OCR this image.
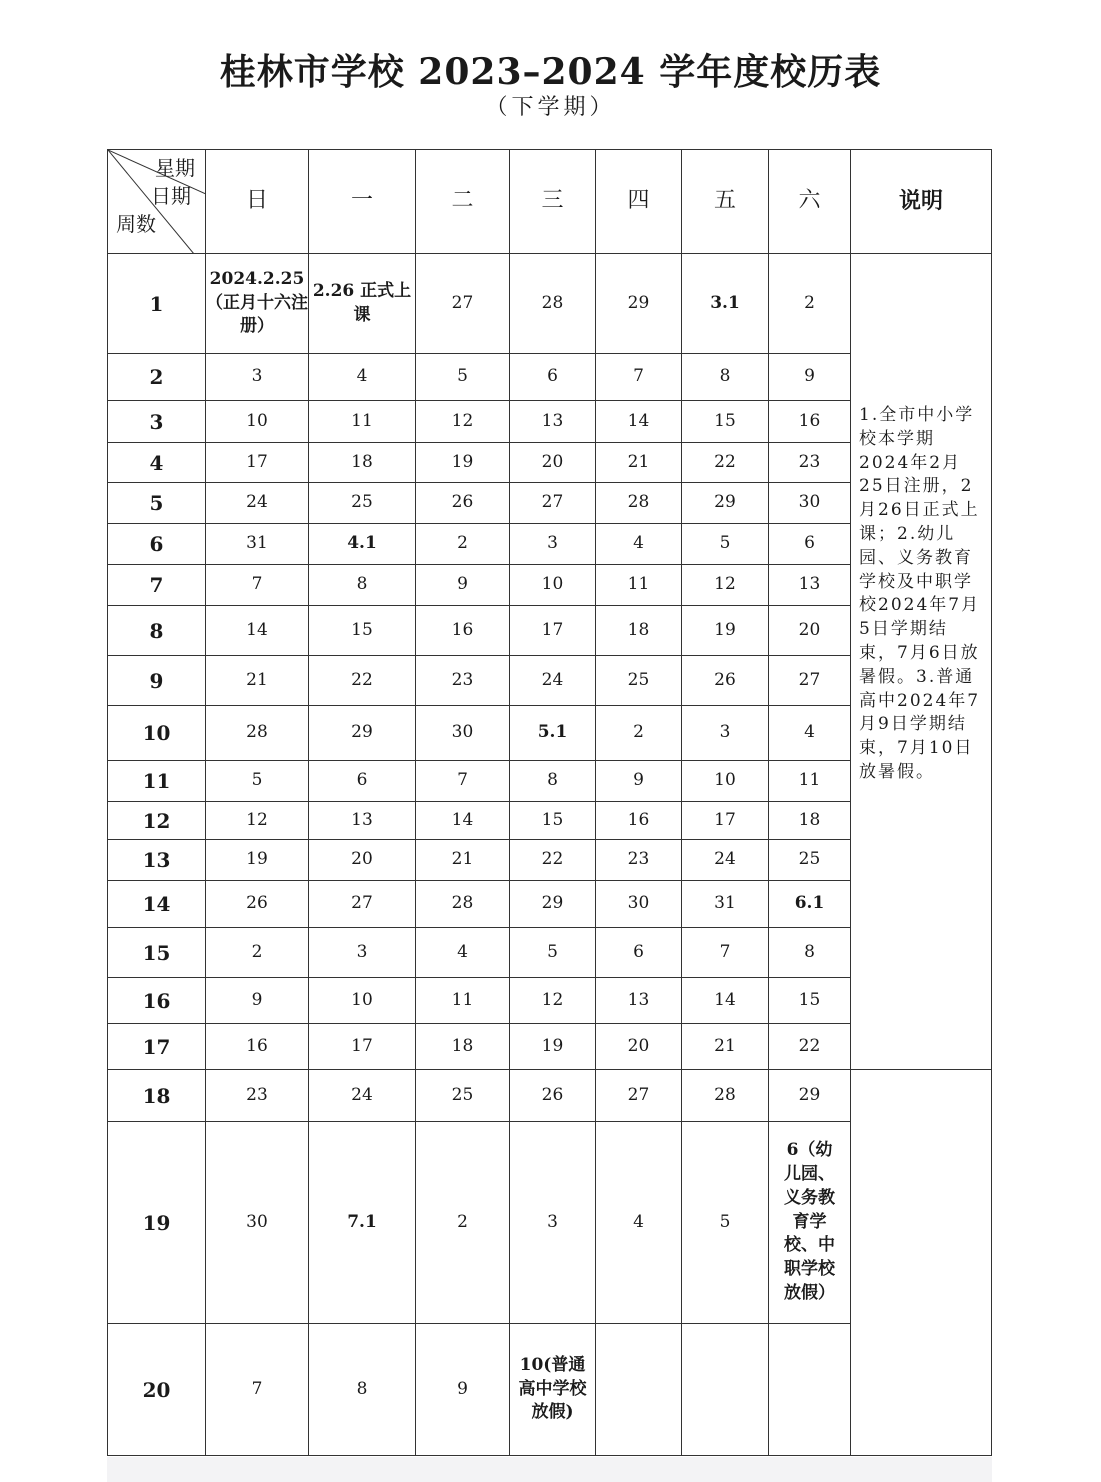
桂林市学校 2023–2024 学年度校历表
（下学期）
星期
日期
周数	日	一	二	三	四	五	六	说明
1	2024.2.25（正月十六注册）	2.26 正式上课	27	28	29	3.1	2	1.全市中小学校本学期2024年2月25日注册，2月26日正式上课；2.幼儿园、义务教育学校及中职学校2024年7月5日学期结束，7月6日放暑假。3.普通高中2024年7月9日学期结束，7月10日放暑假。
2	3	4	5	6	7	8	9	
3	10	11	12	13	14	15	16	
4	17	18	19	20	21	22	23	
5	24	25	26	27	28	29	30	
6	31	4.1	2	3	4	5	6	
7	7	8	9	10	11	12	13	
8	14	15	16	17	18	19	20	
9	21	22	23	24	25	26	27	
10	28	29	30	5.1	2	3	4	
11	5	6	7	8	9	10	11	
12	12	13	14	15	16	17	18	
13	19	20	21	22	23	24	25	
14	26	27	28	29	30	31	6.1	
15	2	3	4	5	6	7	8	
16	9	10	11	12	13	14	15	
17	16	17	18	19	20	21	22	
18	23	24	25	26	27	28	29	
19	30	7.1	2	3	4	5	6（幼儿园、义务教育学校、中职学校放假）	
20	7	8	9	10(普通高中学校放假)				
